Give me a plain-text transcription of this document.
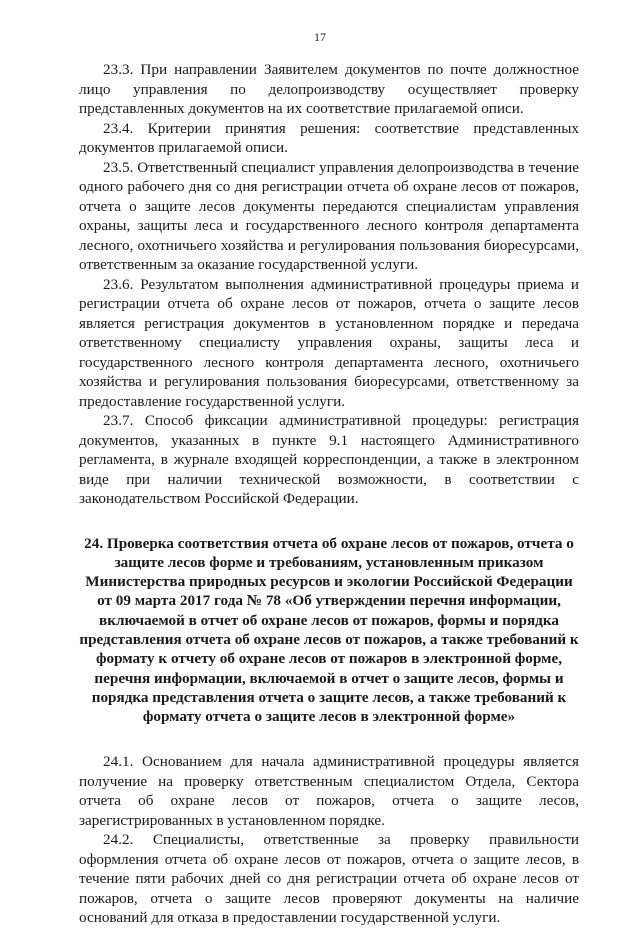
17

23.3. При направлении Заявителем документов по почте должностное лицо управления по делопроизводству осуществляет проверку представленных документов на их соответствие прилагаемой описи.

23.4. Критерии принятия решения: соответствие представленных документов прилагаемой описи.

23.5. Ответственный специалист управления делопроизводства в течение одного рабочего дня со дня регистрации отчета об охране лесов от пожаров, отчета о защите лесов документы передаются специалистам управления охраны, защиты леса и государственного лесного контроля департамента лесного, охотничьего хозяйства и регулирования пользования биоресурсами, ответственным за оказание государственной услуги.

23.6. Результатом выполнения административной процедуры приема и регистрации отчета об охране лесов от пожаров, отчета о защите лесов является регистрация документов в установленном порядке и передача ответственному специалисту управления охраны, защиты леса и государственного лесного контроля департамента лесного, охотничьего хозяйства и регулирования пользования биоресурсами, ответственному за предоставление государственной услуги.

23.7. Способ фиксации административной процедуры: регистрация документов, указанных в пункте 9.1 настоящего Административного регламента, в журнале входящей корреспонденции, а также в электронном виде при наличии технической возможности, в соответствии с законодательством Российской Федерации.

24. Проверка соответствия отчета об охране лесов от пожаров, отчета о защите лесов форме и требованиям, установленным приказом Министерства природных ресурсов и экологии Российской Федерации от 09 марта 2017 года № 78 «Об утверждении перечня информации, включаемой в отчет об охране лесов от пожаров, формы и порядка представления отчета об охране лесов от пожаров, а также требований к формату к отчету об охране лесов от пожаров в электронной форме, перечня информации, включаемой в отчет о защите лесов, формы и порядка представления отчета о защите лесов, а также требований к формату отчета о защите лесов в электронной форме»

24.1. Основанием для начала административной процедуры является получение на проверку ответственным специалистом Отдела, Сектора отчета об охране лесов от пожаров, отчета о защите лесов, зарегистрированных в установленном порядке.

24.2. Специалисты, ответственные за проверку правильности оформления отчета об охране лесов от пожаров, отчета о защите лесов, в течение пяти рабочих дней со дня регистрации отчета об охране лесов от пожаров, отчета о защите лесов проверяют документы на наличие оснований для отказа в предоставлении государственной услуги.
